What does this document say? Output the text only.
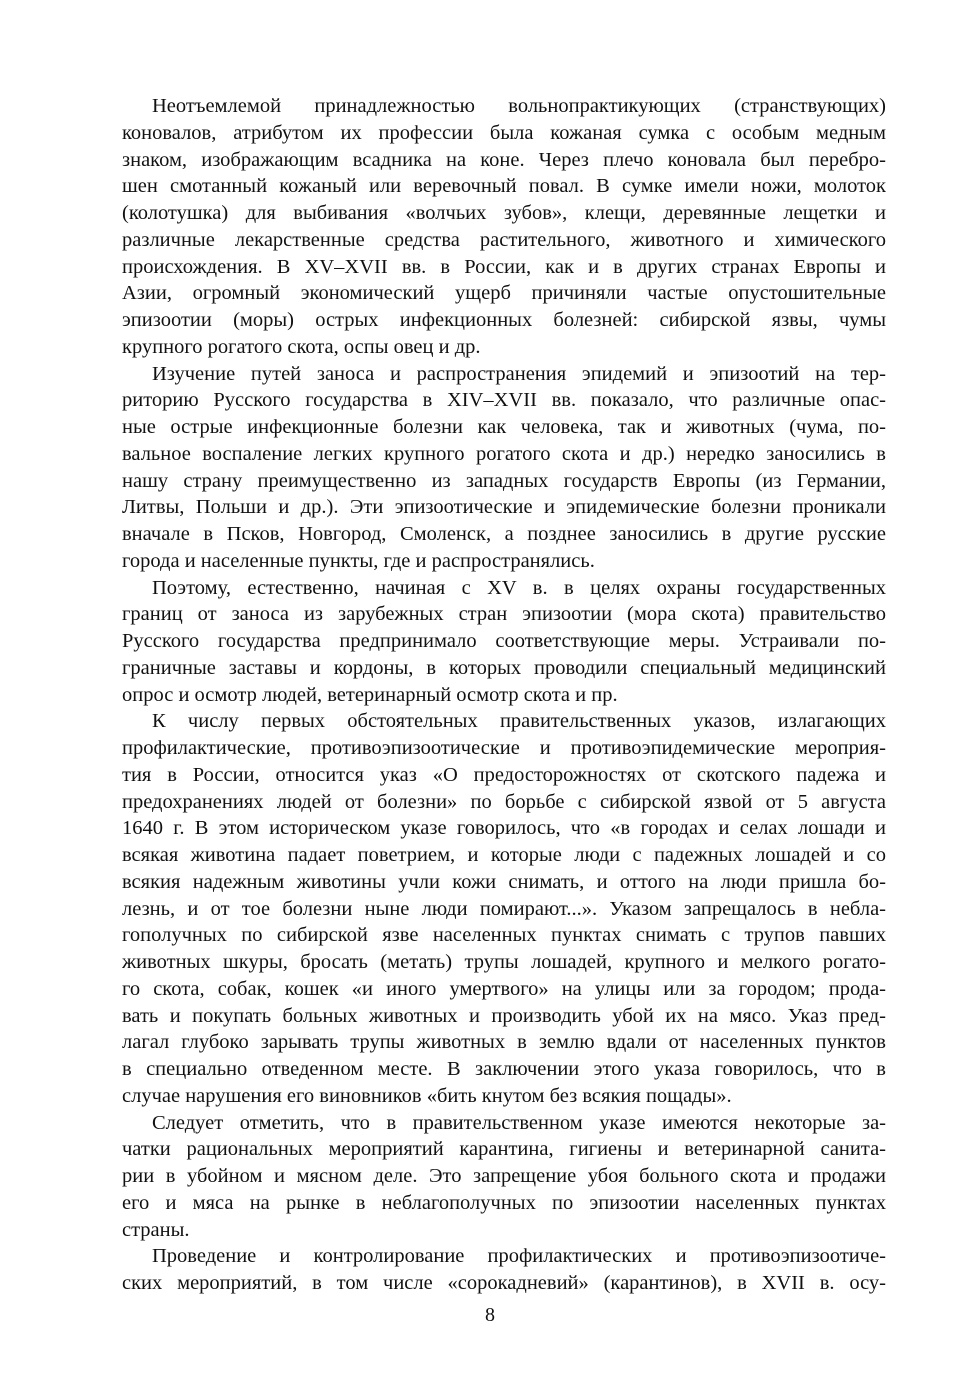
Неотъемлемой принадлежностью вольнопрактикующих (странствующих)
коновалов, атрибутом их профессии была кожаная сумка с особым медным
знаком, изображающим всадника на коне. Через плечо коновала был перебро-
шен смотанный кожаный или веревочный повал. В сумке имели ножи, молоток
(колотушка) для выбивания «волчьих зубов», клещи, деревянные лещетки и
различные лекарственные средства растительного, животного и химического
происхождения. В XV–XVII вв. в России, как и в других странах Европы и
Азии, огромный экономический ущерб причиняли частые опустошительные
эпизоотии (моры) острых инфекционных болезней: сибирской язвы, чумы
крупного рогатого скота, оспы овец и др.
Изучение путей заноса и распространения эпидемий и эпизоотий на тер-
риторию Русского государства в XIV–XVII вв. показало, что различные опас-
ные острые инфекционные болезни как человека, так и животных (чума, по-
вальное воспаление легких крупного рогатого скота и др.) нередко заносились в
нашу страну преимущественно из западных государств Европы (из Германии,
Литвы, Польши и др.). Эти эпизоотические и эпидемические болезни проникали
вначале в Псков, Новгород, Смоленск, а позднее заносились в другие русские
города и населенные пункты, где и распространялись.
Поэтому, естественно, начиная с XV в. в целях охраны государственных
границ от заноса из зарубежных стран эпизоотии (мора скота) правительство
Русского государства предпринимало соответствующие меры. Устраивали по-
граничные заставы и кордоны, в которых проводили специальный медицинский
опрос и осмотр людей, ветеринарный осмотр скота и пр.
К числу первых обстоятельных правительственных указов, излагающих
профилактические, противоэпизоотические и противоэпидемические мероприя-
тия в России, относится указ «О предосторожностях от скотского падежа и
предохранениях людей от болезни» по борьбе с сибирской язвой от 5 августа
1640 г. В этом историческом указе говорилось, что «в городах и селах лошади и
всякая животина падает поветрием, и которые люди с падежных лошадей и со
всякия надежным животины учли кожи снимать, и оттого на люди пришла бо-
лезнь, и от тое болезни ныне люди помирают...». Указом запрещалось в небла-
гополучных по сибирской язве населенных пунктах снимать с трупов павших
животных шкуры, бросать (метать) трупы лошадей, крупного и мелкого рогато-
го скота, собак, кошек «и иного умертвого» на улицы или за городом; прода-
вать и покупать больных животных и производить убой их на мясо. Указ пред-
лагал глубоко зарывать трупы животных в землю вдали от населенных пунктов
в специально отведенном месте. В заключении этого указа говорилось, что в
случае нарушения его виновников «бить кнутом без всякия пощады».
Следует отметить, что в правительственном указе имеются некоторые за-
чатки рациональных мероприятий карантина, гигиены и ветеринарной санита-
рии в убойном и мясном деле. Это запрещение убоя больного скота и продажи
его и мяса на рынке в неблагополучных по эпизоотии населенных пунктах
страны.
Проведение и контролирование профилактических и противоэпизоотиче-
ских мероприятий, в том числе «сорокадневий» (карантинов), в XVII в. осу-
8
